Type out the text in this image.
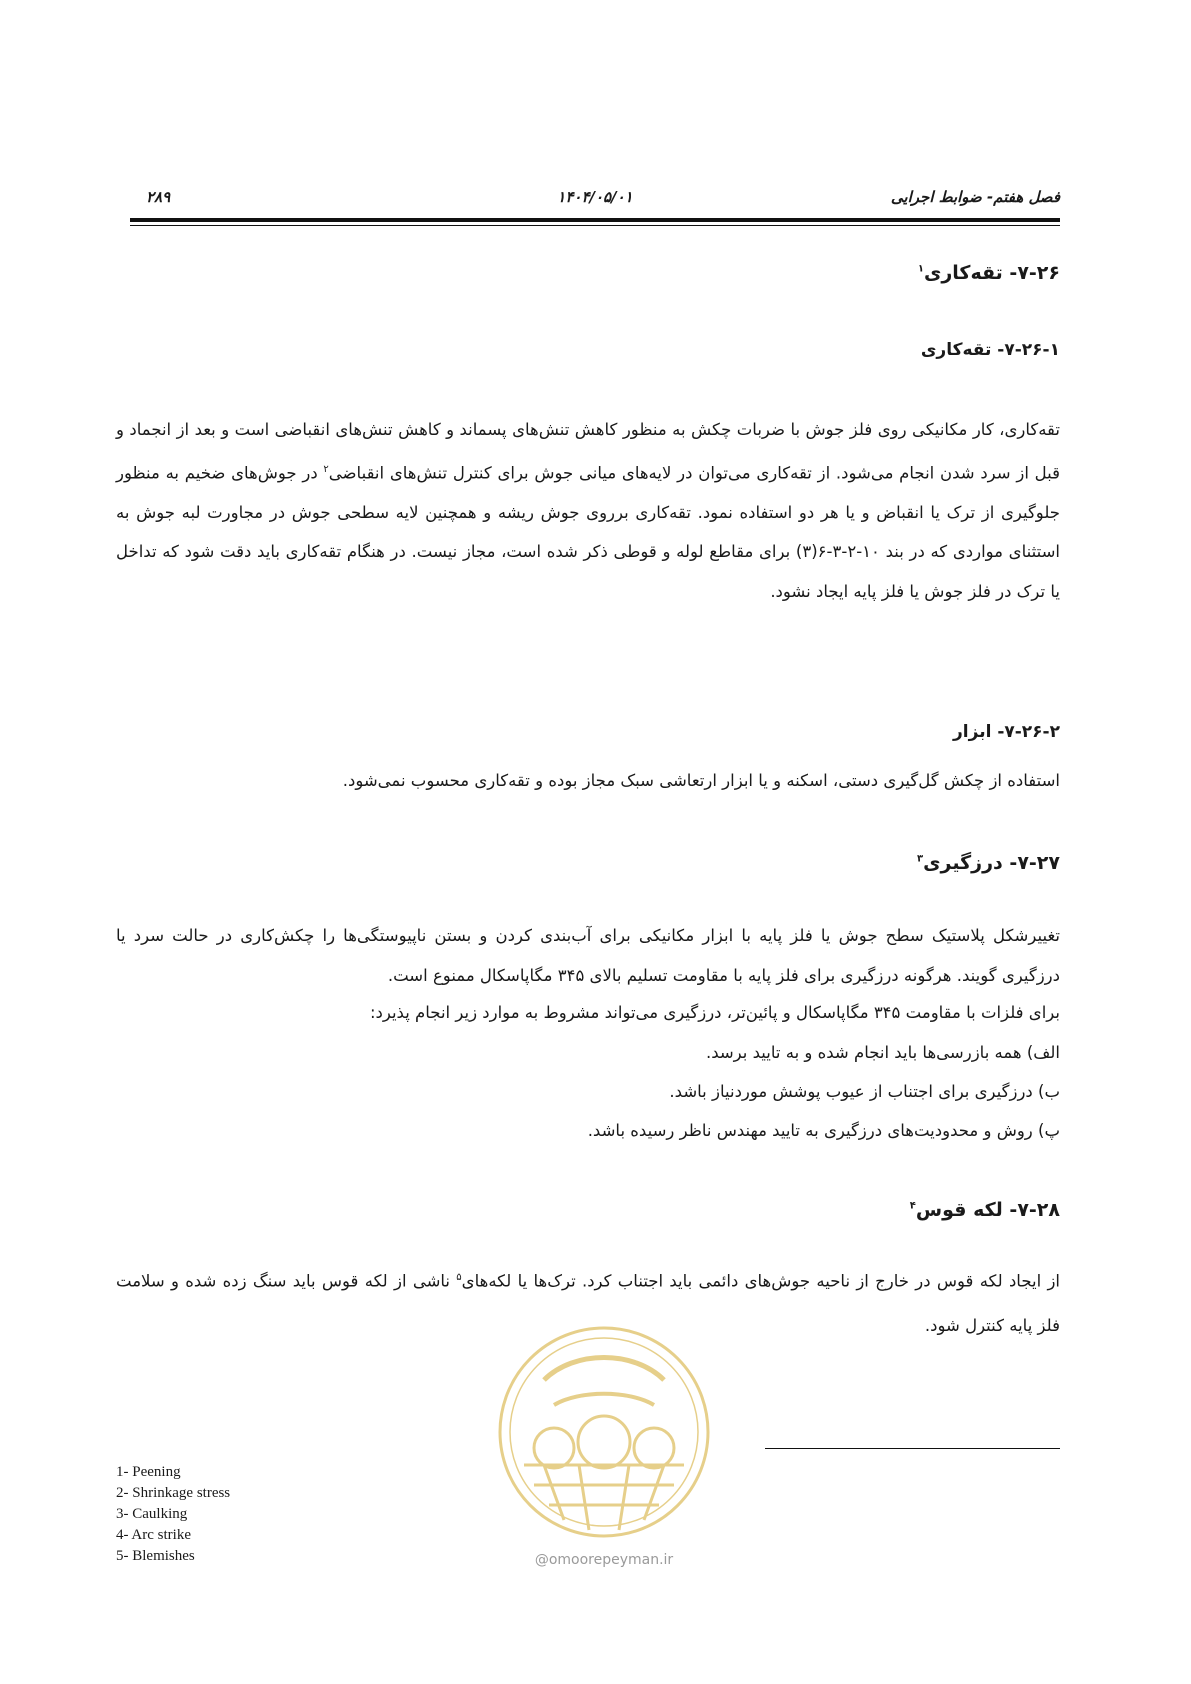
فصل هفتم- ضوابط اجرایی
۱۴۰۴/۰۵/۰۱
۲۸۹
۷-۲۶- تقه‌کاری$^۱$
۷-۲۶-۱- تقه‌کاری
تقه‌کاری، کار مکانیکی روی فلز جوش با ضربات چکش به منظور کاهش تنش‌های پسماند و کاهش تنش‌های انقباضی است و بعد از انجماد و قبل از سرد شدن انجام می‌شود. از تقه‌کاری می‌توان در لایه‌های میانی جوش برای کنترل تنش‌های انقباضی$^۲$ در جوش‌های ضخیم به منظور جلوگیری از ترک یا انقباض و یا هر دو استفاده نمود. تقه‌کاری برروی جوش ریشه و همچنین لایه سطحی جوش در مجاورت لبه جوش به استثنای مواردی که در بند ۱۰-۲-۳-۶(۳) برای مقاطع لوله و قوطی ذکر شده است، مجاز نیست. در هنگام تقه‌کاری باید دقت شود که تداخل یا ترک در فلز جوش یا فلز پایه ایجاد نشود.
۷-۲۶-۲- ابزار
استفاده از چکش گل‌گیری دستی، اسکنه و یا ابزار ارتعاشی سبک مجاز بوده و تقه‌کاری محسوب نمی‌شود.
۷-۲۷- درزگیری$^۳$
تغییرشکل پلاستیک سطح جوش یا فلز پایه با ابزار مکانیکی برای آب‌بندی کردن و بستن ناپیوستگی‌ها را چکش‌کاری در حالت سرد یا درزگیری گویند. هرگونه درزگیری برای فلز پایه با مقاومت تسلیم بالای ۳۴۵ مگاپاسکال ممنوع است.
برای فلزات با مقاومت ۳۴۵ مگاپاسکال و پائین‌تر، درزگیری می‌تواند مشروط به موارد زیر انجام پذیرد:
الف) همه بازرسی‌ها باید انجام شده و به تایید برسد.
ب) درزگیری برای اجتناب از عیوب پوشش موردنیاز باشد.
پ) روش و محدودیت‌های درزگیری به تایید مهندس ناظر رسیده باشد.
۷-۲۸- لکه قوس$^۴$
از ایجاد لکه قوس در خارج از ناحیه جوش‌های دائمی باید اجتناب کرد. ترک‌ها یا لکه‌های$^۵$ ناشی از لکه قوس باید سنگ زده شده و سلامت فلز پایه کنترل شود.
@omoorepeyman.ir
1- Peening
2- Shrinkage stress
3- Caulking
4- Arc strike
5- Blemishes
